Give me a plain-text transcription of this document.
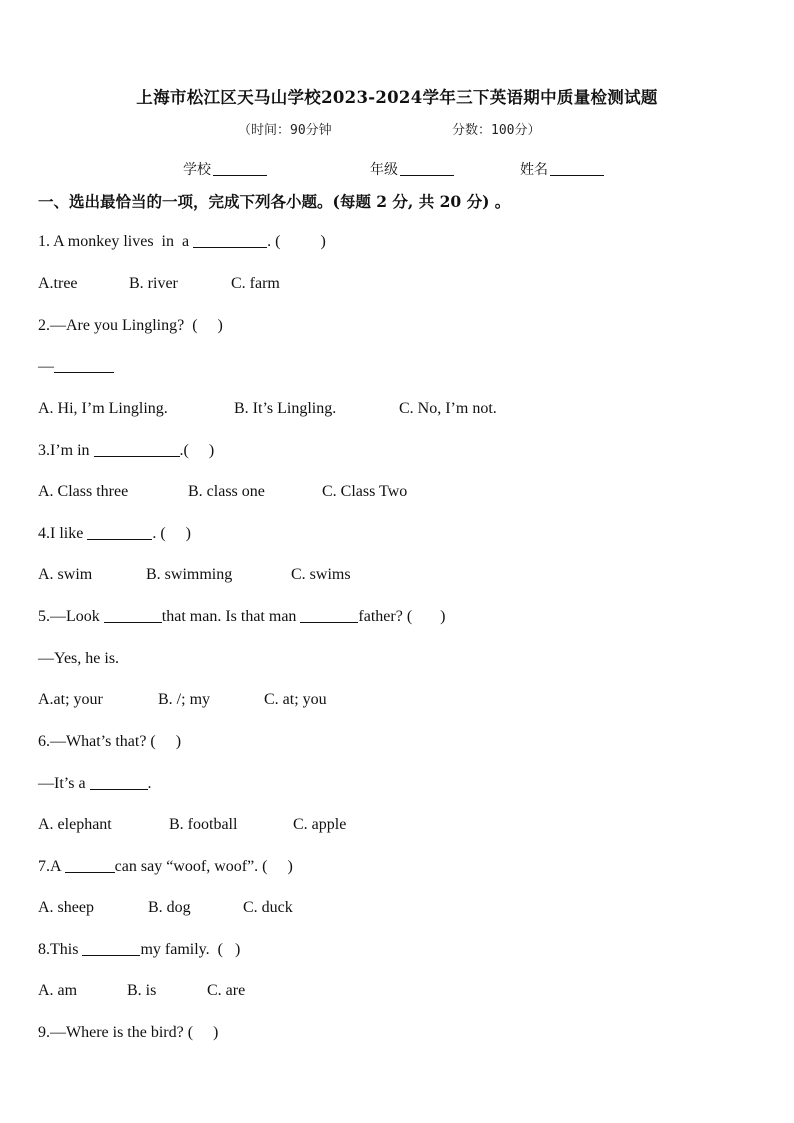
上海市松江区天马山学校2023-2024学年三下英语期中质量检测试题
（时间：90分钟	分数：100分）
学校	年级	姓名
一、选出最恰当的一项，完成下列各小题。(每题 2 分, 共 20 分) 。
1. A monkey lives  in  a	. (          )
A.tree	B. river	C. farm
2.—Are you Lingling?  (     )
—
A. Hi, I’m Lingling.	B. It’s Lingling.	C. No, I’m not.
3.I’m in	.(     )
A. Class three	B. class one	C. Class Two
4.I like	. (     )
A. swim	B. swimming	C. swims
5.—Look	that man. Is that man	father? (       )
—Yes, he is.
A.at; your	B. /; my	C. at; you
6.—What’s that? (     )
—It’s a	.
A. elephant	B. football	C. apple
7.A	can say “woof, woof”. (     )
A. sheep	B. dog	C. duck
8.This	my family.  (   )
A. am	B. is	C. are
9.—Where is the bird? (     )
